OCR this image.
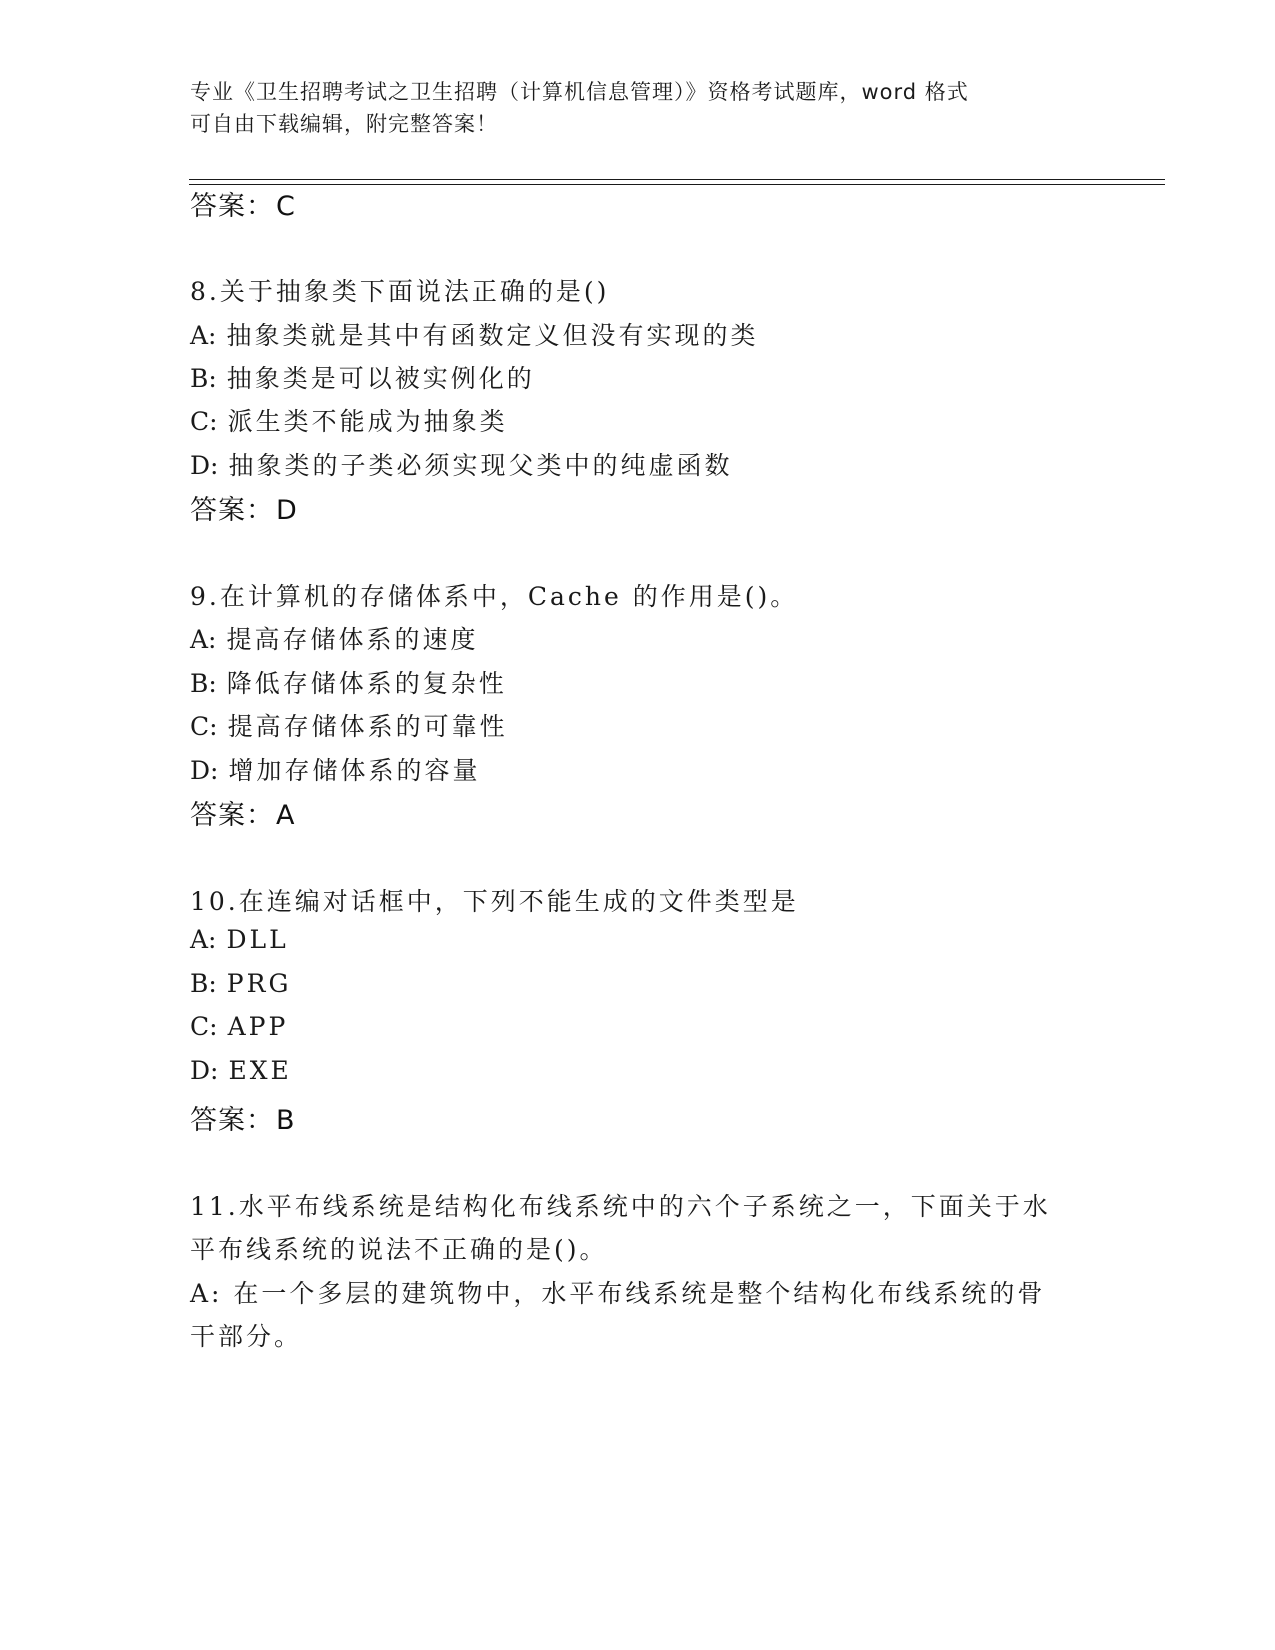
专业《卫生招聘考试之卫生招聘（计算机信息管理）》资格考试题库，word 格式
可自由下载编辑，附完整答案！
答案：C
8.关于抽象类下面说法正确的是()
A: 抽象类就是其中有函数定义但没有实现的类
B: 抽象类是可以被实例化的
C: 派生类不能成为抽象类
D: 抽象类的子类必须实现父类中的纯虚函数
答案：D
9.在计算机的存储体系中，Cache 的作用是()。
A: 提高存储体系的速度
B: 降低存储体系的复杂性
C: 提高存储体系的可靠性
D: 增加存储体系的容量
答案：A
10.在连编对话框中，下列不能生成的文件类型是
A: DLL
B: PRG
C: APP
D: EXE
答案：B
11.水平布线系统是结构化布线系统中的六个子系统之一，下面关于水
平布线系统的说法不正确的是()。
A: 在一个多层的建筑物中，水平布线系统是整个结构化布线系统的骨
干部分。
